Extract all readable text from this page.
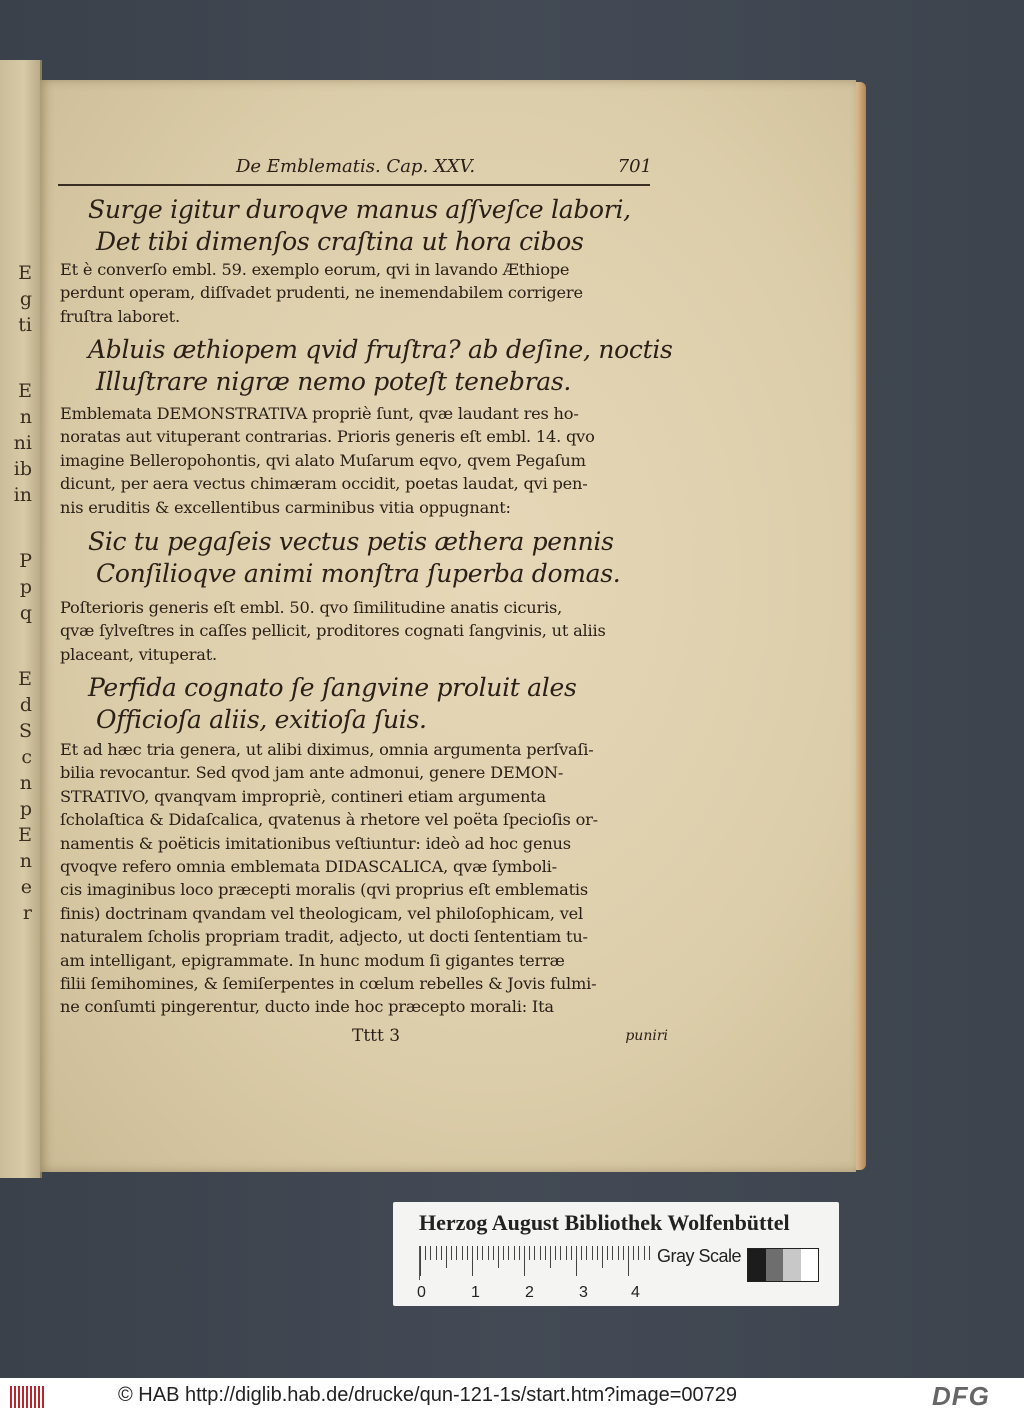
E
g
ti
E
n
ni
ib
in
P
p
q
E
d
S
c
n
p
E
n
e
r
De Emblematis. Cap. XXV.	701
Surge igitur duroqve manus aſſveſce labori,
Det tibi dimenſos craſtina ut hora cibos
Et è converſo embl. 59. exemplo eorum, qvi in lavando Æthiope
perdunt operam, diſſvadet prudenti, ne inemendabilem corrigere
fruſtra laboret.
Abluis æthiopem qvid fruſtra? ab deſine, noctis
Illuſtrare nigræ nemo poteſt tenebras.
Emblemata DEMONSTRATIVA propriè ſunt, qvæ laudant res ho-
noratas aut vituperant contrarias. Prioris generis eſt embl. 14. qvo
imagine Belleropohontis, qvi alato Muſarum eqvo, qvem Pegaſum
dicunt, per aera vectus chimæram occidit, poetas laudat, qvi pen-
nis eruditis & excellentibus carminibus vitia oppugnant:
Sic tu pegaſeis vectus petis æthera pennis
Conſilioqve animi monſtra ſuperba domas.
Poſterioris generis eſt embl. 50. qvo ſimilitudine anatis cicuris,
qvæ ſylveſtres in caſſes pellicit, proditores cognati ſangvinis, ut aliis
placeant, vituperat.
Perfida cognato ſe ſangvine proluit ales
Officioſa aliis, exitioſa ſuis.
Et ad hæc tria genera, ut alibi diximus, omnia argumenta perſvaſi-
bilia revocantur. Sed qvod jam ante admonui, genere DEMON-
STRATIVO, qvanqvam impropriè, contineri etiam argumenta
ſcholaſtica & Didaſcalica, qvatenus à rhetore vel poëta ſpecioſis or-
namentis & poëticis imitationibus veſtiuntur: ideò ad hoc genus
qvoqve refero omnia emblemata DIDASCALICA, qvæ ſymboli-
cis imaginibus loco præcepti moralis (qvi proprius eſt emblematis
finis) doctrinam qvandam vel theologicam, vel philoſophicam, vel
naturalem ſcholis propriam tradit, adjecto, ut docti ſententiam tu-
am intelligant, epigrammate. In hunc modum ſi gigantes terræ
filii ſemihomines, & ſemiſerpentes in cœlum rebelles & Jovis fulmi-
ne conſumti pingerentur, ducto inde hoc præcepto morali: Ita
Tttt 3	puniri
Herzog August Bibliothek Wolfenbüttel
0	1	2	3	4
Gray Scale
© HAB http://diglib.hab.de/drucke/qun-121-1s/start.htm?image=00729	DFG
